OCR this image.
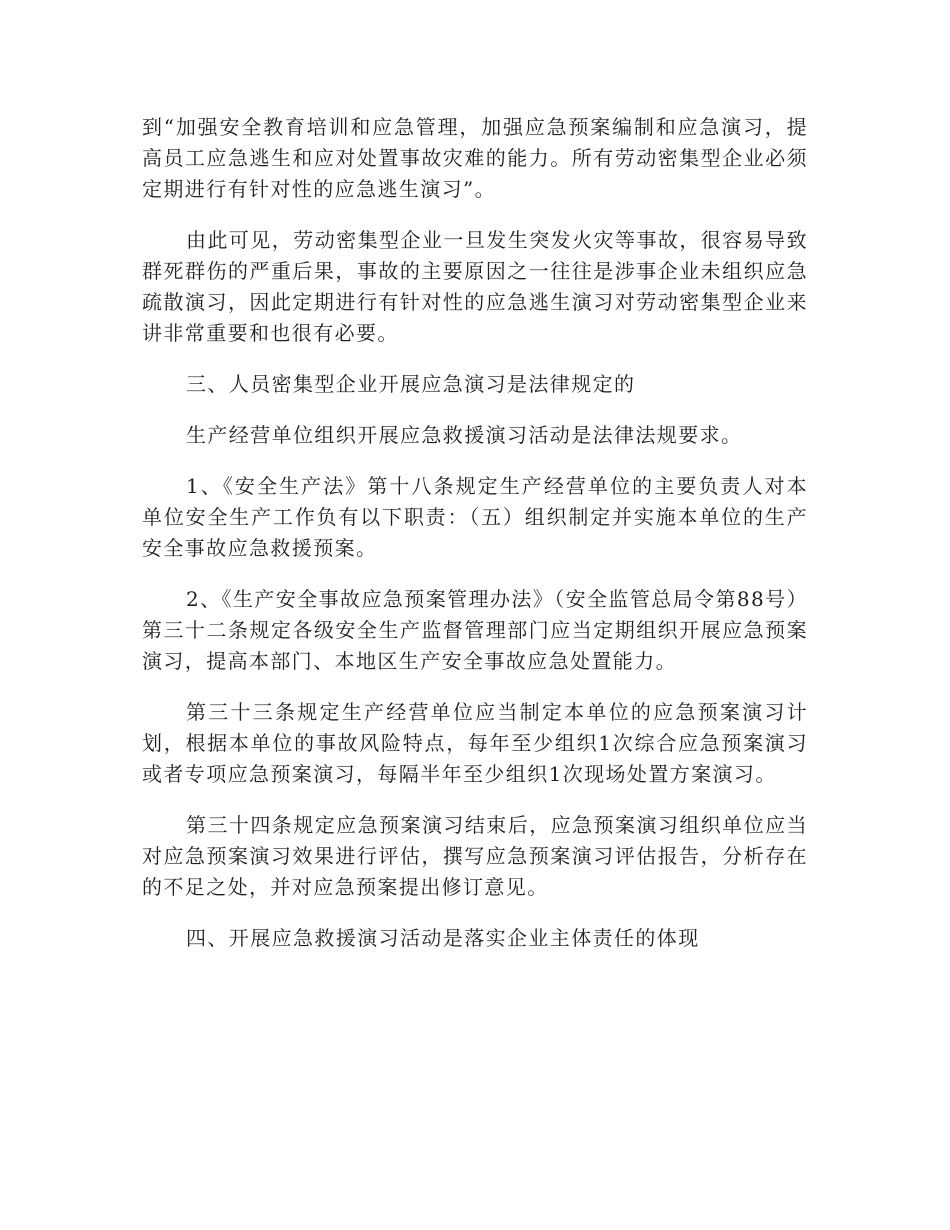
到“加强安全教育培训和应急管理，加强应急预案编制和应急演习，提高员工应急逃生和应对处置事故灾难的能力。所有劳动密集型企业必须定期进行有针对性的应急逃生演习”。

由此可见，劳动密集型企业一旦发生突发火灾等事故，很容易导致群死群伤的严重后果，事故的主要原因之一往往是涉事企业未组织应急疏散演习，因此定期进行有针对性的应急逃生演习对劳动密集型企业来讲非常重要和也很有必要。

三、人员密集型企业开展应急演习是法律规定的

生产经营单位组织开展应急救援演习活动是法律法规要求。

1、《安全生产法》第十八条规定生产经营单位的主要负责人对本单位安全生产工作负有以下职责：（五）组织制定并实施本单位的生产安全事故应急救援预案。

2、《生产安全事故应急预案管理办法》（安全监管总局令第88号）第三十二条规定各级安全生产监督管理部门应当定期组织开展应急预案演习，提高本部门、本地区生产安全事故应急处置能力。

第三十三条规定生产经营单位应当制定本单位的应急预案演习计划，根据本单位的事故风险特点，每年至少组织1次综合应急预案演习或者专项应急预案演习，每隔半年至少组织1次现场处置方案演习。

第三十四条规定应急预案演习结束后，应急预案演习组织单位应当对应急预案演习效果进行评估，撰写应急预案演习评估报告，分析存在的不足之处，并对应急预案提出修订意见。

四、开展应急救援演习活动是落实企业主体责任的体现
